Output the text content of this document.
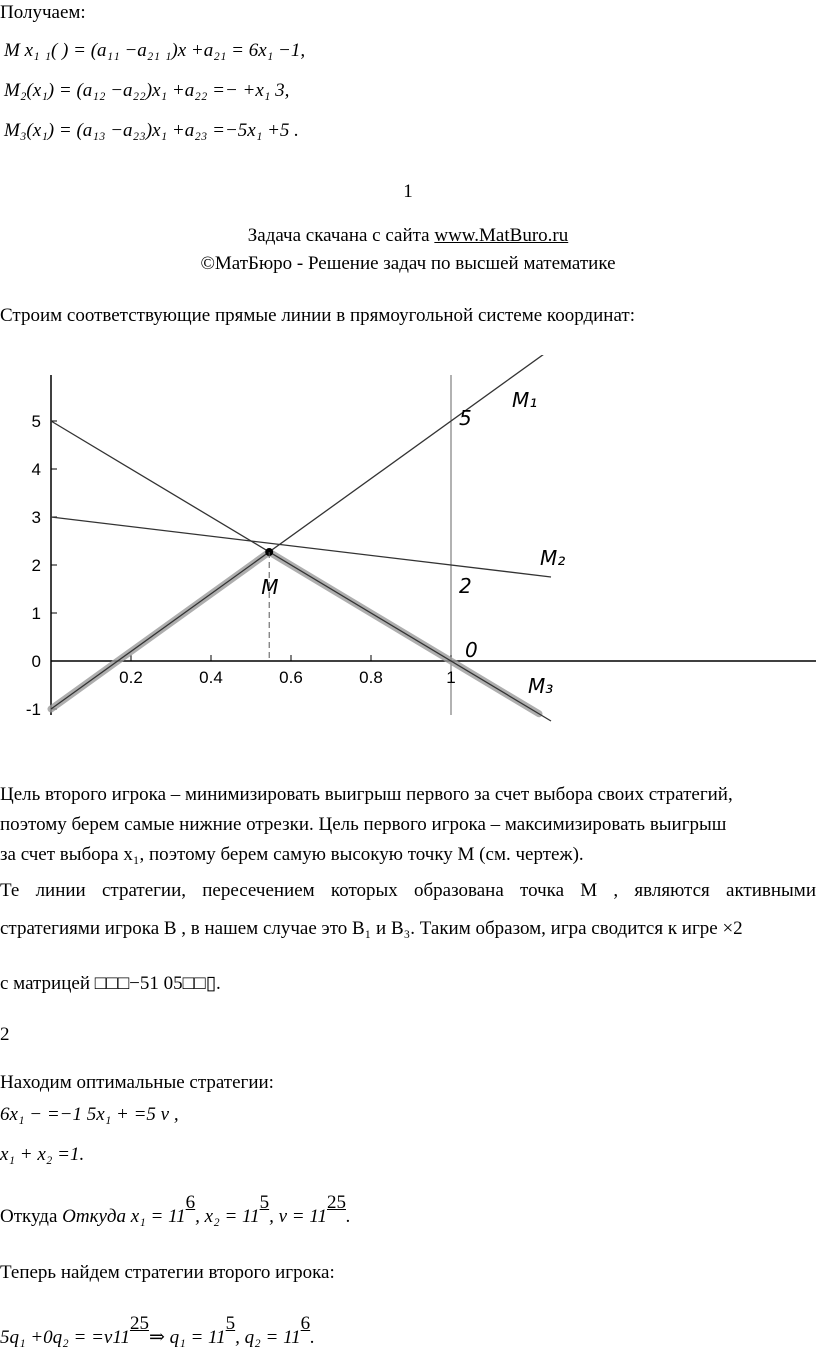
Получаем:
M x₁ ₁( ) = (a₁₁ −a₂₁ ₁)x +a₂₁ = 6x₁ −1,
M₂(x₁) = (a₁₂ −a₂₂)x₁ +a₂₂ =− +x₁ 3,
M₃(x₁) = (a₁₃ −a₂₃)x₁ +a₂₃ =−5x₁ +5 .
1
Задача скачана с сайта www.MatBuro.ru
©МатБюро - Решение задач по высшей математике
Строим соответствующие прямые линии в прямоугольной системе координат:
-1
0
1
2
3
4
5
0.2	0.4	0.6	0.8	1
M₁
M₂
M₃
M
5
2
0
Цель второго игрока – минимизировать выигрыш первого за счет выбора своих стратегий,
поэтому берем самые нижние отрезки. Цель первого игрока – максимизировать выигрыш
за счет выбора x₁, поэтому берем самую высокую точку M (см. чертеж).
Те линии стратегии, пересечением которых образована точка M , являются активными
стратегиями игрока B , в нашем случае это B₁ и B₃. Таким образом, игра сводится к игре ×2
с матрицей □□□−51 05□□▯.
2
Находим оптимальные стратегии:
6x₁ − =−1 5x₁ + =5 v ,
x₁ + x₂ =1.
Откуда Откуда x₁ = 116, x₂ = 115, v = 1125.
Теперь найдем стратегии второго игрока:
5q₁ +0q₂ = =v1125⇒ q₁ = 115, q₂ = 116.
